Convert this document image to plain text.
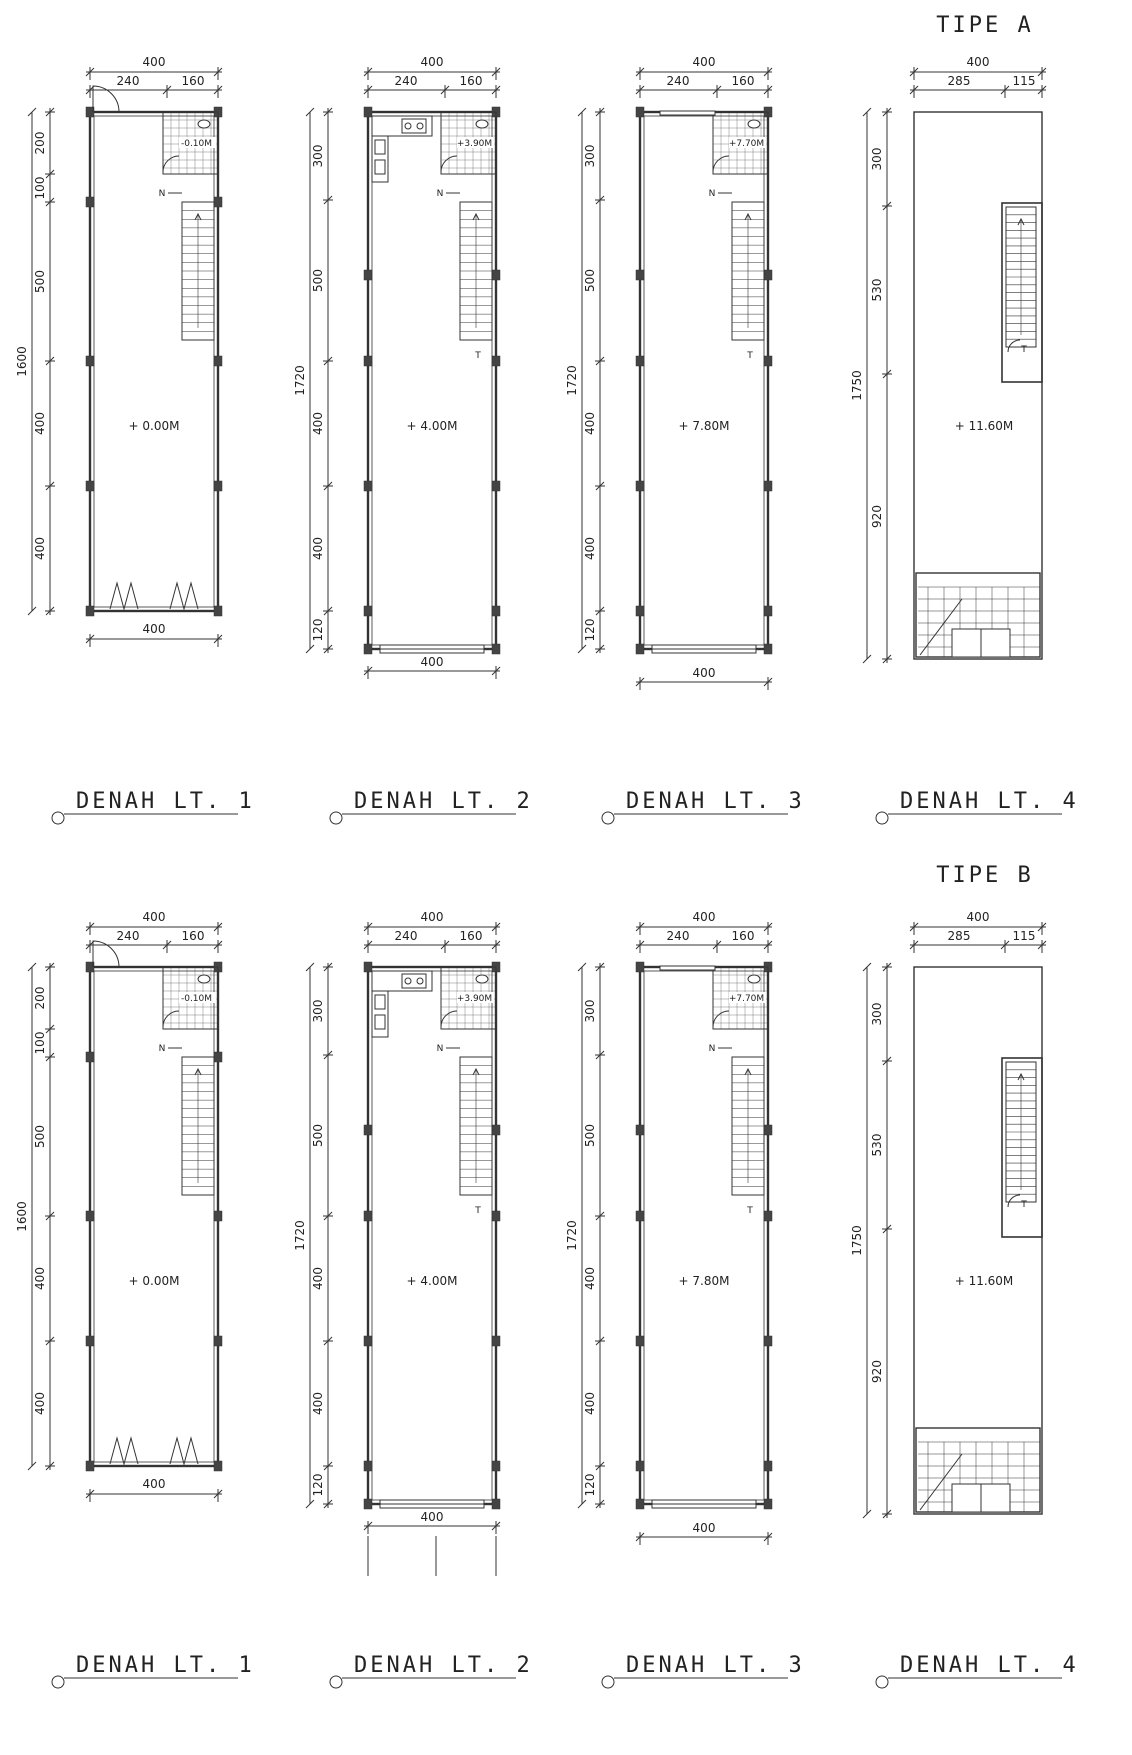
TIPE A
DENAH LT. 1	DENAH LT. 2	DENAH LT. 3	DENAH LT. 4
-0.10M
N
+ 0.00M
400
240	160
400
200
100
500
400
400
1600
+3.90M
N
T
+ 4.00M
400
240	160
400
300
500
400
400
120
1720
+7.70M
N
T
+ 7.80M
400
240	160
400
300
500
400
400
120
1720
T
+ 11.60M
400
285	115
300
530
920
1750
TIPE B
DENAH LT. 1	DENAH LT. 2	DENAH LT. 3	DENAH LT. 4
-0.10M
N
+ 0.00M
400
240	160
400
200
100
500
400
400
1600
+3.90M
N
T
+ 4.00M
400
240	160
400
300
500
400
400
120
1720
+7.70M
N
T
+ 7.80M
400
240	160
400
300
500
400
400
120
1720
T
+ 11.60M
400
285	115
300
530
920
1750
